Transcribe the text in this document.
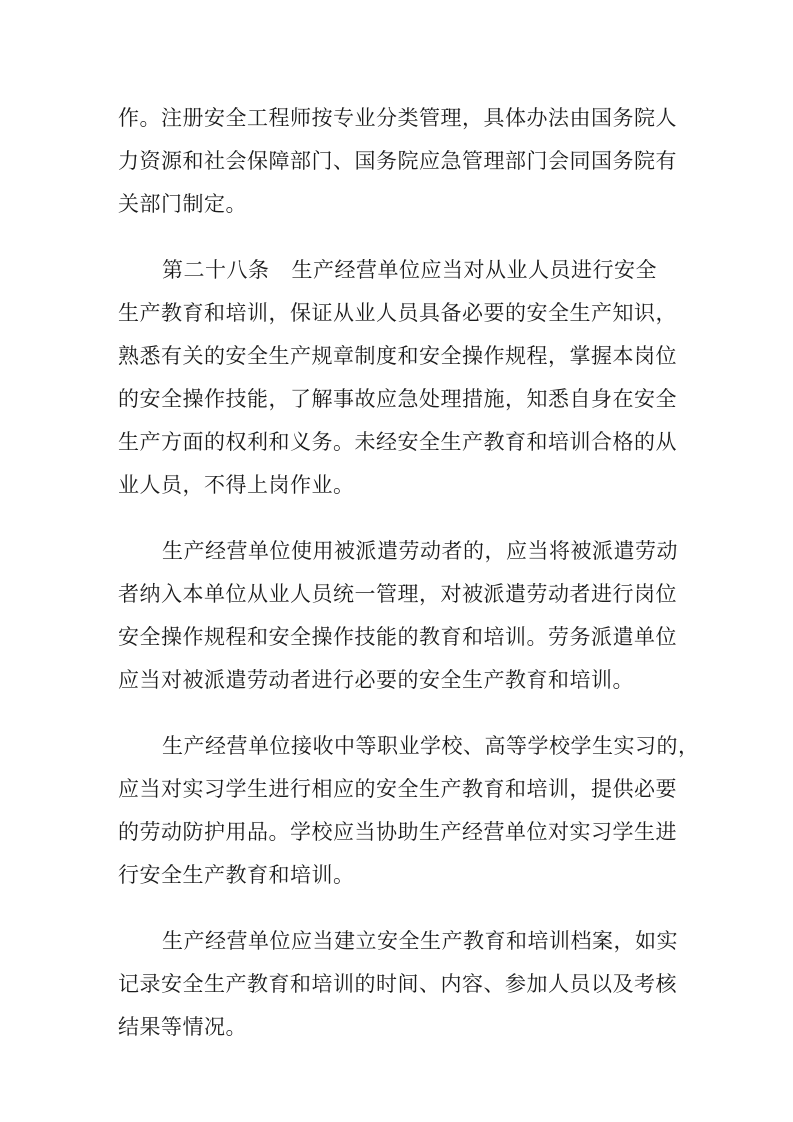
作。注册安全工程师按专业分类管理，具体办法由国务院人
力资源和社会保障部门、国务院应急管理部门会同国务院有
关部门制定。
第二十八条 生产经营单位应当对从业人员进行安全
生产教育和培训，保证从业人员具备必要的安全生产知识，
熟悉有关的安全生产规章制度和安全操作规程，掌握本岗位
的安全操作技能，了解事故应急处理措施，知悉自身在安全
生产方面的权利和义务。未经安全生产教育和培训合格的从
业人员，不得上岗作业。
生产经营单位使用被派遣劳动者的，应当将被派遣劳动
者纳入本单位从业人员统一管理，对被派遣劳动者进行岗位
安全操作规程和安全操作技能的教育和培训。劳务派遣单位
应当对被派遣劳动者进行必要的安全生产教育和培训。
生产经营单位接收中等职业学校、高等学校学生实习的，
应当对实习学生进行相应的安全生产教育和培训，提供必要
的劳动防护用品。学校应当协助生产经营单位对实习学生进
行安全生产教育和培训。
生产经营单位应当建立安全生产教育和培训档案，如实
记录安全生产教育和培训的时间、内容、参加人员以及考核
结果等情况。
